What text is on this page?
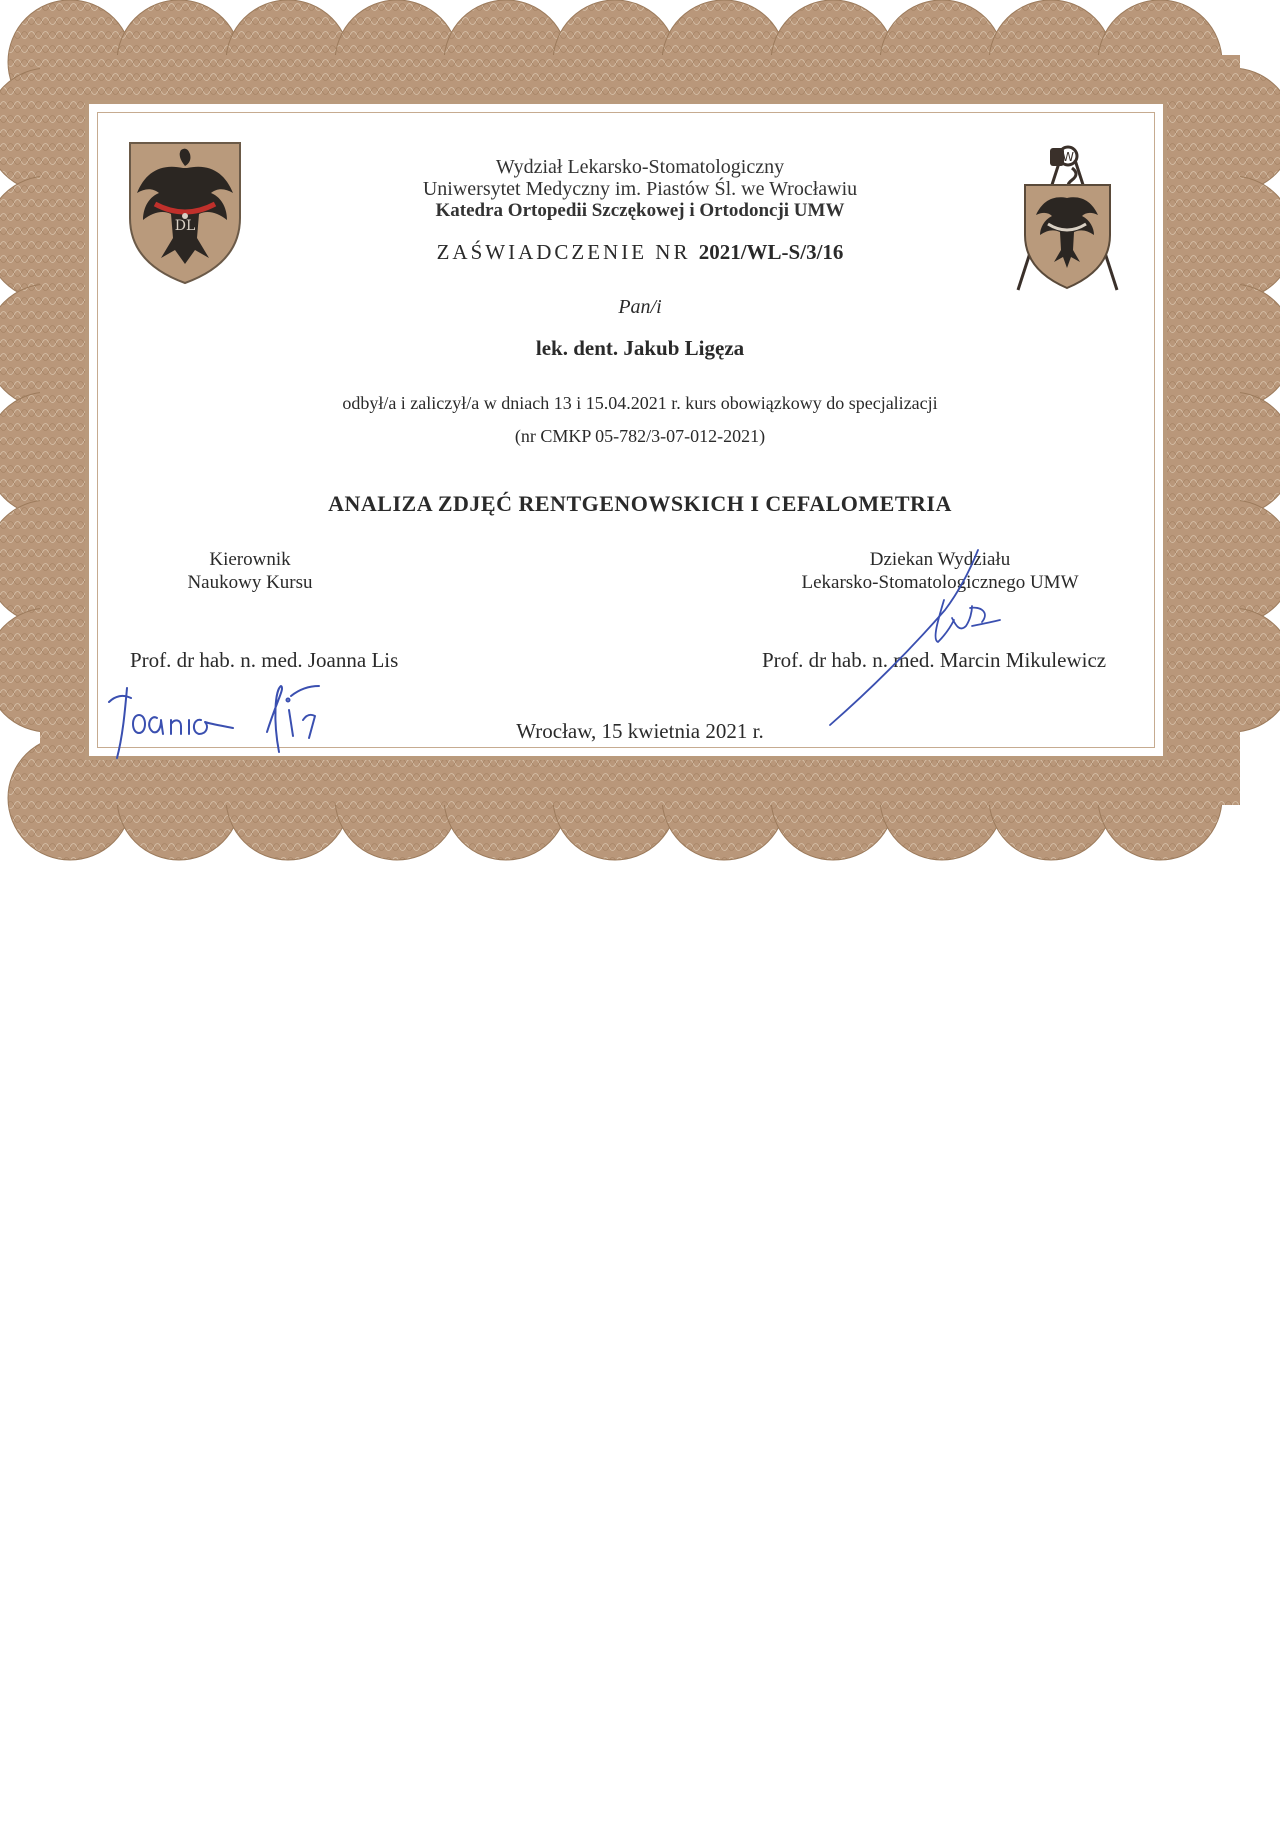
DL
W
Wydział Lekarsko-Stomatologiczny
Uniwersytet Medyczny im. Piastów Śl. we Wrocławiu
Katedra Ortopedii Szczękowej i Ortodoncji UMW
ZAŚWIADCZENIE NR 2021/WL-S/3/16
Pan/i
lek. dent. Jakub Ligęza
odbył/a i zaliczył/a w dniach 13 i 15.04.2021 r. kurs obowiązkowy do specjalizacji
(nr CMKP 05-782/3-07-012-2021)
ANALIZA ZDJĘĆ RENTGENOWSKICH I CEFALOMETRIA
Kierownik
Naukowy Kursu
Prof. dr hab. n. med. Joanna Lis
Dziekan Wydziału
Lekarsko-Stomatologicznego UMW
Prof. dr hab. n. med. Marcin Mikulewicz
Wrocław, 15 kwietnia 2021 r.
